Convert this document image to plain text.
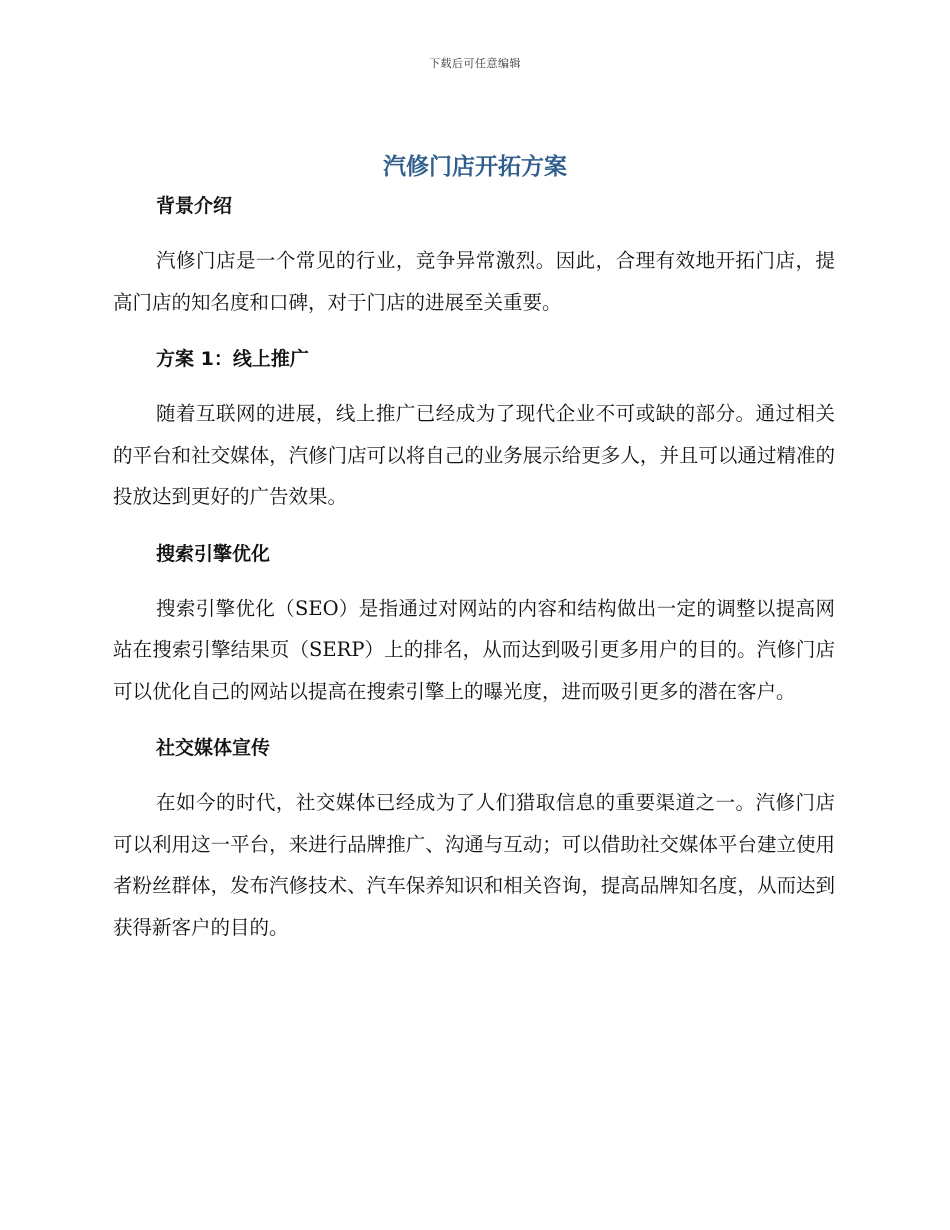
下载后可任意编辑
汽修门店开拓方案
背景介绍

汽修门店是一个常见的行业，竞争异常激烈。因此，合理有效地开拓门店，提高门店的知名度和口碑，对于门店的进展至关重要。

方案 1：线上推广

随着互联网的进展，线上推广已经成为了现代企业不可或缺的部分。通过相关的平台和社交媒体，汽修门店可以将自己的业务展示给更多人，并且可以通过精准的投放达到更好的广告效果。

搜索引擎优化

搜索引擎优化（SEO）是指通过对网站的内容和结构做出一定的调整以提高网站在搜索引擎结果页（SERP）上的排名，从而达到吸引更多用户的目的。汽修门店可以优化自己的网站以提高在搜索引擎上的曝光度，进而吸引更多的潜在客户。

社交媒体宣传

在如今的时代，社交媒体已经成为了人们猎取信息的重要渠道之一。汽修门店可以利用这一平台，来进行品牌推广、沟通与互动；可以借助社交媒体平台建立使用者粉丝群体，发布汽修技术、汽车保养知识和相关咨询，提高品牌知名度，从而达到获得新客户的目的。
